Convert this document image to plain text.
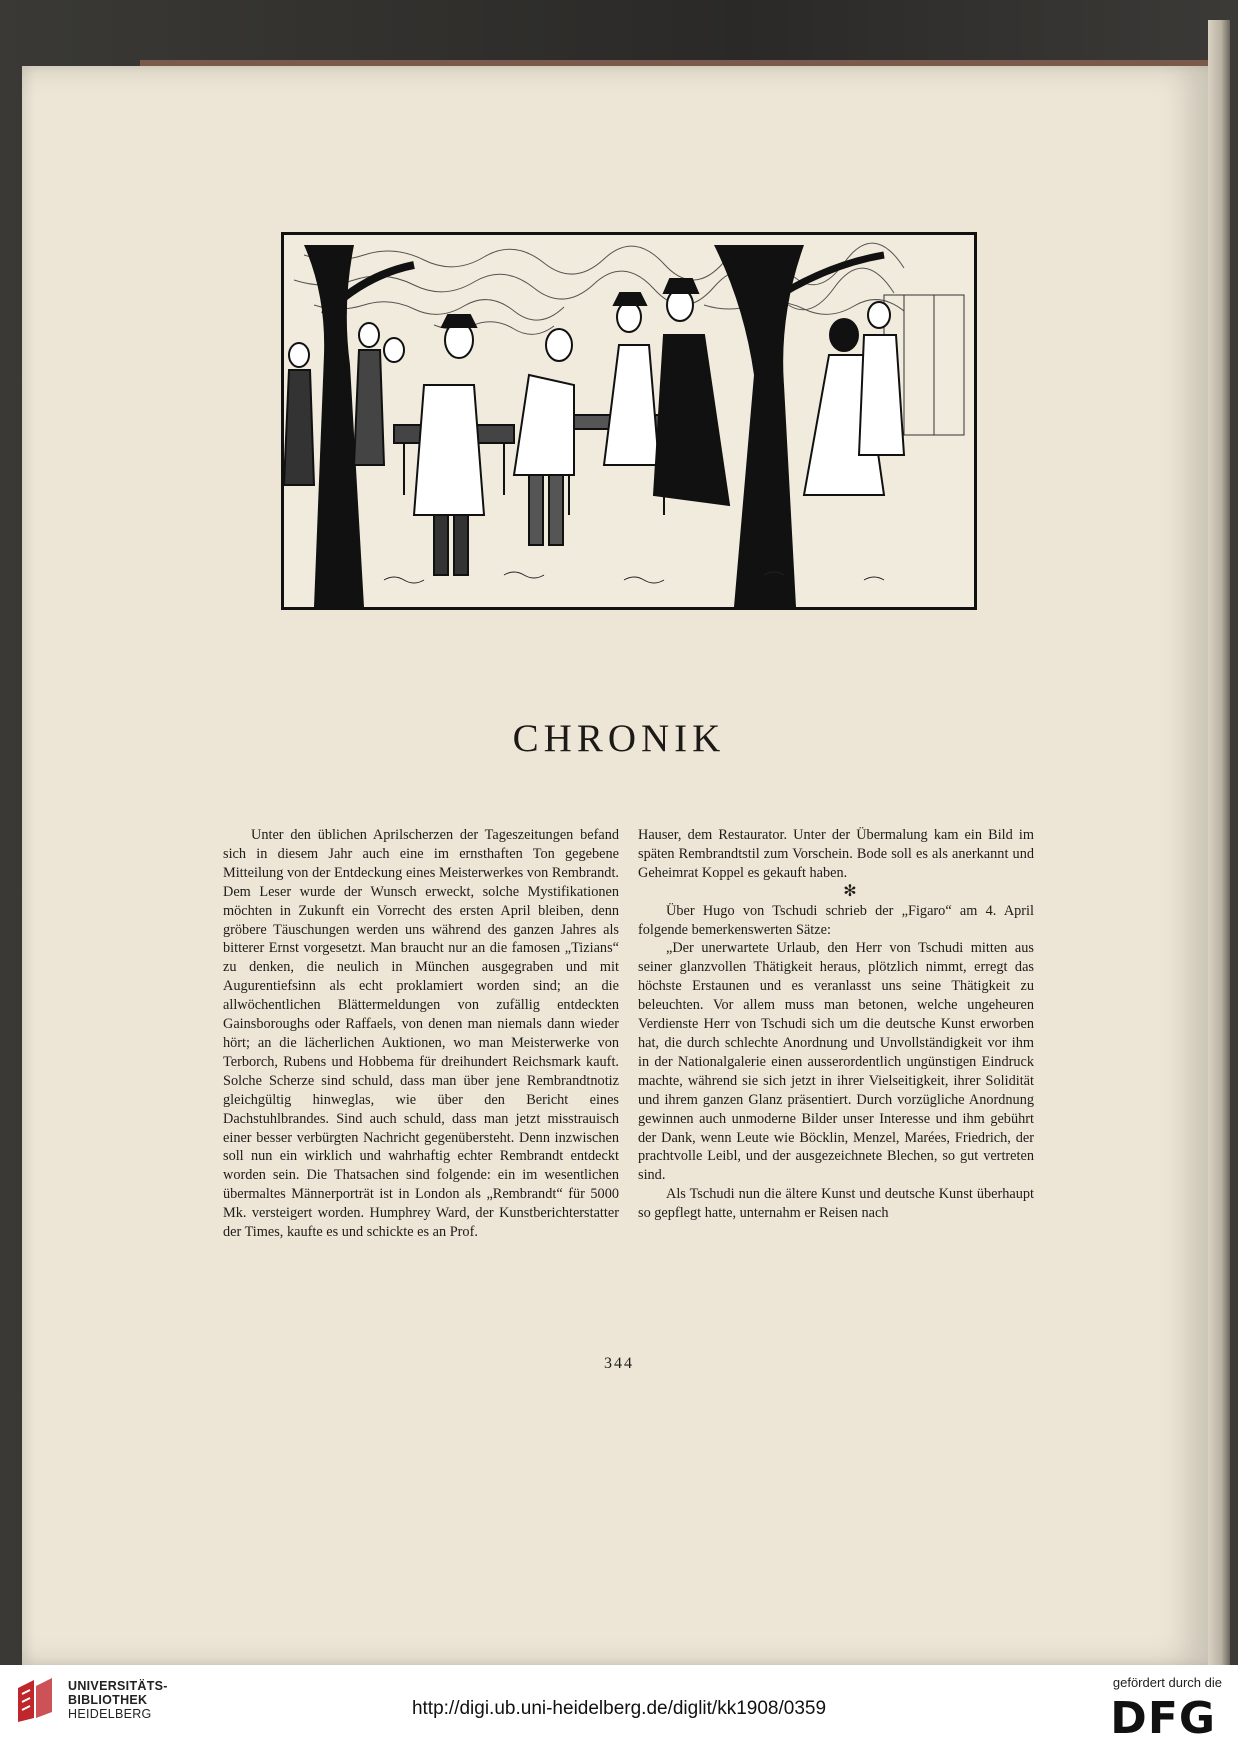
CHRONIK

Unter den üblichen Aprilscherzen der Tageszeitungen befand sich in diesem Jahr auch eine im ernsthaften Ton gegebene Mitteilung von der Entdeckung eines Meisterwerkes von Rembrandt. Dem Leser wurde der Wunsch erweckt, solche Mystifikationen möchten in Zukunft ein Vorrecht des ersten April bleiben, denn gröbere Täuschungen werden uns während des ganzen Jahres als bitterer Ernst vorgesetzt. Man braucht nur an die famosen „Tizians“ zu denken, die neulich in München ausgegraben und mit Augurentiefsinn als echt proklamiert worden sind; an die allwöchentlichen Blättermeldungen von zufällig entdeckten Gainsboroughs oder Raffaels, von denen man niemals dann wieder hört; an die lächerlichen Auktionen, wo man Meisterwerke von Terborch, Rubens und Hobbema für dreihundert Reichsmark kauft. Solche Scherze sind schuld, dass man über jene Rembrandtnotiz gleichgültig hinweglas, wie über den Bericht eines Dachstuhlbrandes. Sind auch schuld, dass man jetzt misstrauisch einer besser verbürgten Nachricht gegenübersteht. Denn inzwischen soll nun ein wirklich und wahrhaftig echter Rembrandt entdeckt worden sein. Die Thatsachen sind folgende: ein im wesentlichen übermaltes Männerporträt ist in London als „Rembrandt“ für 5000 Mk. versteigert worden. Humphrey Ward, der Kunstberichterstatter der Times, kaufte es und schickte es an Prof.

Hauser, dem Restaurator. Unter der Übermalung kam ein Bild im späten Rembrandtstil zum Vorschein. Bode soll es als anerkannt und Geheimrat Koppel es gekauft haben.

✻

Über Hugo von Tschudi schrieb der „Figaro“ am 4. April folgende bemerkenswerten Sätze:

„Der unerwartete Urlaub, den Herr von Tschudi mitten aus seiner glanzvollen Thätigkeit heraus, plötzlich nimmt, erregt das höchste Erstaunen und es veranlasst uns seine Thätigkeit zu beleuchten. Vor allem muss man betonen, welche ungeheuren Verdienste Herr von Tschudi sich um die deutsche Kunst erworben hat, die durch schlechte Anordnung und Unvollständigkeit vor ihm in der Nationalgalerie einen ausserordentlich ungünstigen Eindruck machte, während sie sich jetzt in ihrer Vielseitigkeit, ihrer Solidität und ihrem ganzen Glanz präsentiert. Durch vorzügliche Anordnung gewinnen auch unmoderne Bilder unser Interesse und ihm gebührt der Dank, wenn Leute wie Böcklin, Menzel, Marées, Friedrich, der prachtvolle Leibl, und der ausgezeichnete Blechen, so gut vertreten sind.

Als Tschudi nun die ältere Kunst und deutsche Kunst überhaupt so gepflegt hatte, unternahm er Reisen nach

344
UNIVERSITÄTS-
BIBLIOTHEK
HEIDELBERG	http://digi.ub.uni-heidelberg.de/diglit/kk1908/0359
gefördert durch die
DFG
